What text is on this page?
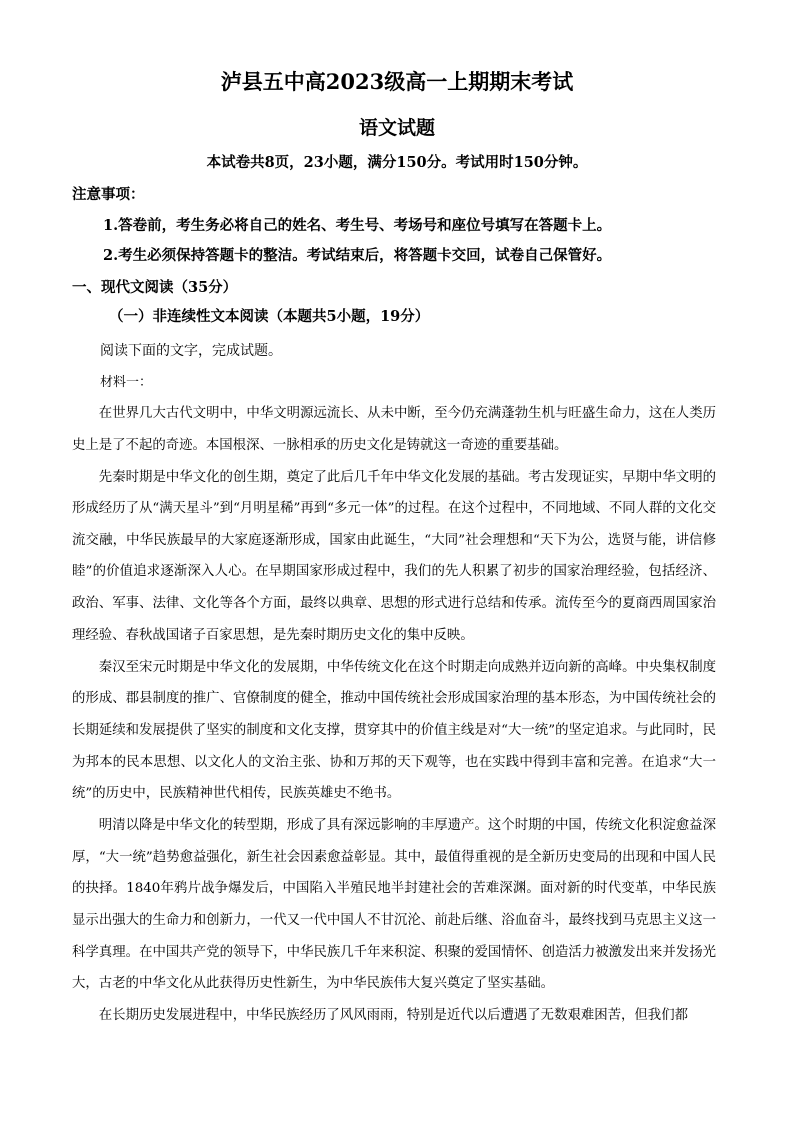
泸县五中高2023级高一上期期末考试
语文试题
本试卷共8页，23小题，满分150分。考试用时150分钟。
注意事项：
1.答卷前，考生务必将自己的姓名、考生号、考场号和座位号填写在答题卡上。
2.考生必须保持答题卡的整洁。考试结束后，将答题卡交回，试卷自己保管好。
一、现代文阅读（35分）
（一）非连续性文本阅读（本题共5小题，19分）
阅读下面的文字，完成试题。
材料一：

在世界几大古代文明中，中华文明源远流长、从未中断，至今仍充满蓬勃生机与旺盛生命力，这在人类历史上是了不起的奇迹。本国根深、一脉相承的历史文化是铸就这一奇迹的重要基础。

先秦时期是中华文化的创生期，奠定了此后几千年中华文化发展的基础。考古发现证实，早期中华文明的形成经历了从“满天星斗”到“月明星稀”再到“多元一体”的过程。在这个过程中，不同地域、不同人群的文化交流交融，中华民族最早的大家庭逐渐形成，国家由此诞生，“大同”社会理想和“天下为公，选贤与能，讲信修睦”的价值追求逐渐深入人心。在早期国家形成过程中，我们的先人积累了初步的国家治理经验，包括经济、政治、军事、法律、文化等各个方面，最终以典章、思想的形式进行总结和传承。流传至今的夏商西周国家治理经验、春秋战国诸子百家思想，是先秦时期历史文化的集中反映。

秦汉至宋元时期是中华文化的发展期，中华传统文化在这个时期走向成熟并迈向新的高峰。中央集权制度的形成、郡县制度的推广、官僚制度的健全，推动中国传统社会形成国家治理的基本形态，为中国传统社会的长期延续和发展提供了坚实的制度和文化支撑，贯穿其中的价值主线是对“大一统”的坚定追求。与此同时，民为邦本的民本思想、以文化人的文治主张、协和万邦的天下观等，也在实践中得到丰富和完善。在追求“大一统”的历史中，民族精神世代相传，民族英雄史不绝书。

明清以降是中华文化的转型期，形成了具有深远影响的丰厚遗产。这个时期的中国，传统文化积淀愈益深厚，“大一统”趋势愈益强化，新生社会因素愈益彰显。其中，最值得重视的是全新历史变局的出现和中国人民的抉择。1840年鸦片战争爆发后，中国陷入半殖民地半封建社会的苦难深渊。面对新的时代变革，中华民族显示出强大的生命力和创新力，一代又一代中国人不甘沉沦、前赴后继、浴血奋斗，最终找到马克思主义这一科学真理。在中国共产党的领导下，中华民族几千年来积淀、积聚的爱国情怀、创造活力被激发出来并发扬光大，古老的中华文化从此获得历史性新生，为中华民族伟大复兴奠定了坚实基础。

在长期历史发展进程中，中华民族经历了风风雨雨，特别是近代以后遭遇了无数艰难困苦，但我们都
